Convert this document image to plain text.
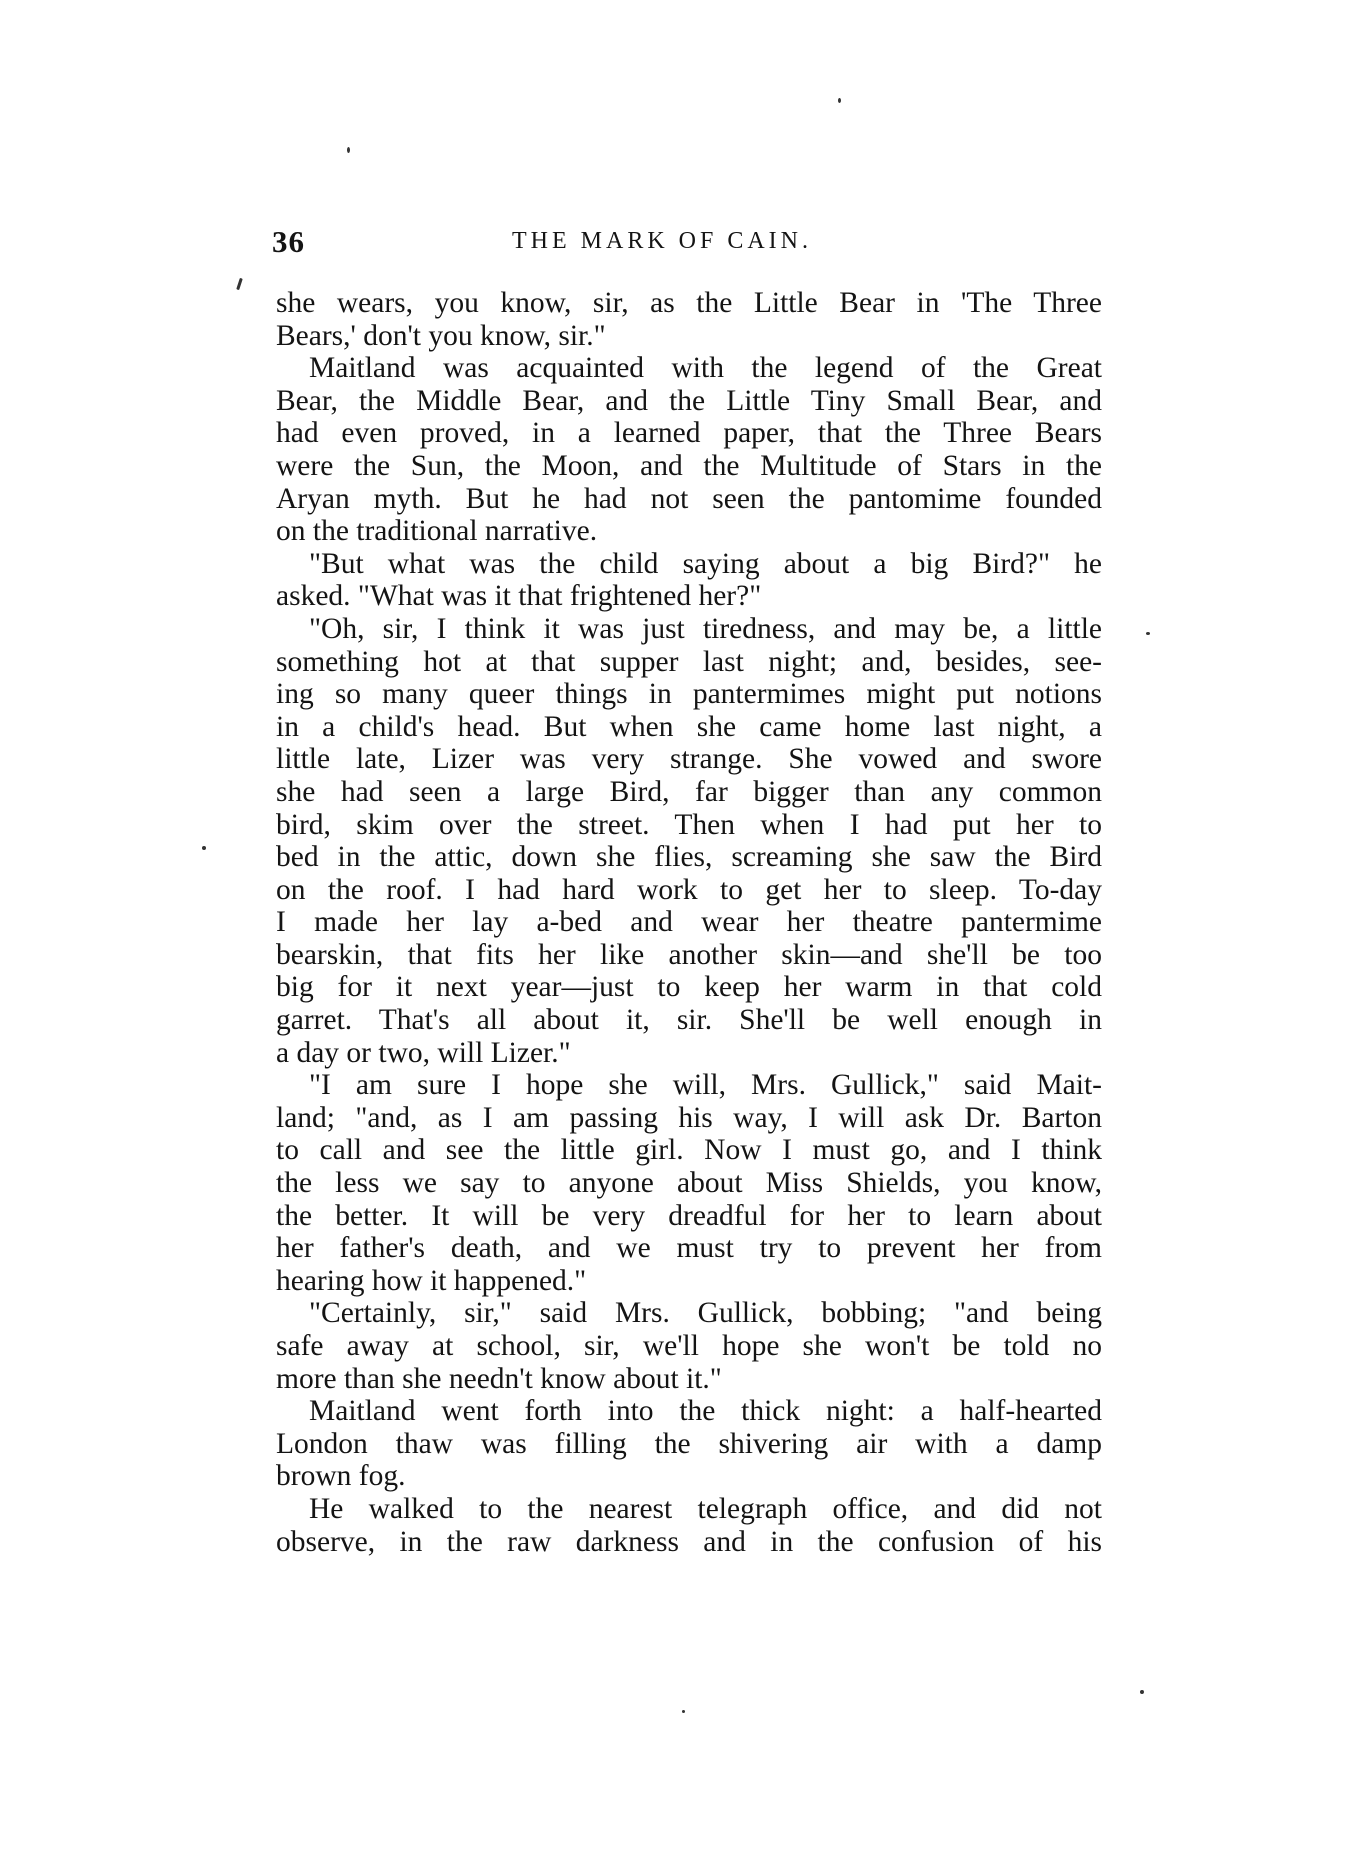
36	THE MARK OF CAIN.
she wears, you know, sir, as the Little Bear in 'The Three
Bears,' don't you know, sir."
Maitland was acquainted with the legend of the Great
Bear, the Middle Bear, and the Little Tiny Small Bear, and
had even proved, in a learned paper, that the Three Bears
were the Sun, the Moon, and the Multitude of Stars in the
Aryan myth. But he had not seen the pantomime founded
on the traditional narrative.
"But what was the child saying about a big Bird?" he
asked. "What was it that frightened her?"
"Oh, sir, I think it was just tiredness, and may be, a little
something hot at that supper last night; and, besides, see-
ing so many queer things in pantermimes might put notions
in a child's head. But when she came home last night, a
little late, Lizer was very strange. She vowed and swore
she had seen a large Bird, far bigger than any common
bird, skim over the street. Then when I had put her to
bed in the attic, down she flies, screaming she saw the Bird
on the roof. I had hard work to get her to sleep. To-day
I made her lay a-bed and wear her theatre pantermime
bearskin, that fits her like another skin—and she'll be too
big for it next year—just to keep her warm in that cold
garret. That's all about it, sir. She'll be well enough in
a day or two, will Lizer."
"I am sure I hope she will, Mrs. Gullick," said Mait-
land; "and, as I am passing his way, I will ask Dr. Barton
to call and see the little girl. Now I must go, and I think
the less we say to anyone about Miss Shields, you know,
the better. It will be very dreadful for her to learn about
her father's death, and we must try to prevent her from
hearing how it happened."
"Certainly, sir," said Mrs. Gullick, bobbing; "and being
safe away at school, sir, we'll hope she won't be told no
more than she needn't know about it."
Maitland went forth into the thick night: a half-hearted
London thaw was filling the shivering air with a damp
brown fog.
He walked to the nearest telegraph office, and did not
observe, in the raw darkness and in the confusion of his
